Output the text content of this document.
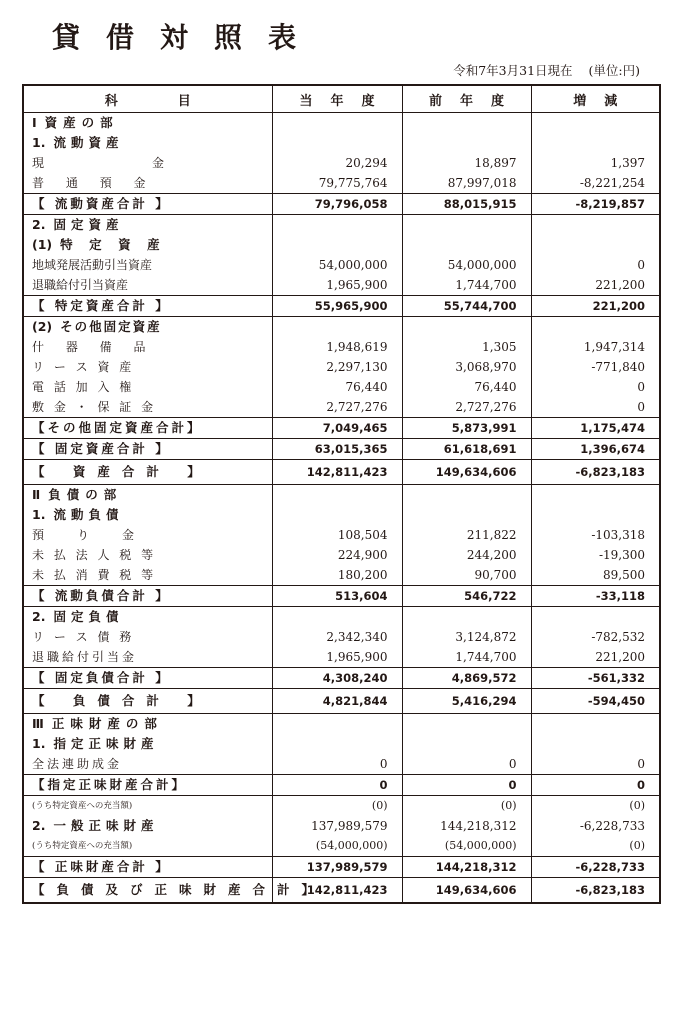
貸借対照表
令和7年3月31日現在 (単位:円)
科 目	当年度	前年度	増減
Ⅰ 資産の部			
1. 流動資産			
現　　　　　　　金	20,294	18,897	1,397
普 通 預 金	79,775,764	87,997,018	-8,221,254
【 流動資産合計 】	79,796,058	88,015,915	-8,219,857
2. 固定資産			
(1) 特　定　資　産			
地域発展活動引当資産	54,000,000	54,000,000	0
退職給付引当資産	1,965,900	1,744,700	221,200
【 特定資産合計 】	55,965,900	55,744,700	221,200
(2) その他固定資産			
什 器 備 品	1,948,619	1,305	1,947,314
リ ー ス 資 産	2,297,130	3,068,970	-771,840
電 話 加 入 権	76,440	76,440	0
敷 金 ・ 保 証 金	2,727,276	2,727,276	0
【その他固定資産合計】	7,049,465	5,873,991	1,175,474
【 固定資産合計 】	63,015,365	61,618,691	1,396,674
【 資産合計 】	142,811,423	149,634,606	-6,823,183
Ⅱ 負債の部			
1. 流動負債			
預　　り　　金	108,504	211,822	-103,318
未 払 法 人 税 等	224,900	244,200	-19,300
未 払 消 費 税 等	180,200	90,700	89,500
【 流動負債合計 】	513,604	546,722	-33,118
2. 固定負債			
リ ー ス 債 務	2,342,340	3,124,872	-782,532
退職給付引当金	1,965,900	1,744,700	221,200
【 固定負債合計 】	4,308,240	4,869,572	-561,332
【 負債合計 】	4,821,844	5,416,294	-594,450
Ⅲ 正味財産の部			
1. 指定正味財産			
全法連助成金	0	0	0
【指定正味財産合計】	0	0	0
(うち特定資産への充当額)	(0)	(0)	(0)
2. 一般正味財産	137,989,579	144,218,312	-6,228,733
(うち特定資産への充当額)	(54,000,000)	(54,000,000)	(0)
【 正味財産合計 】	137,989,579	144,218,312	-6,228,733
【負債及び正味財産合計】	142,811,423	149,634,606	-6,823,183
